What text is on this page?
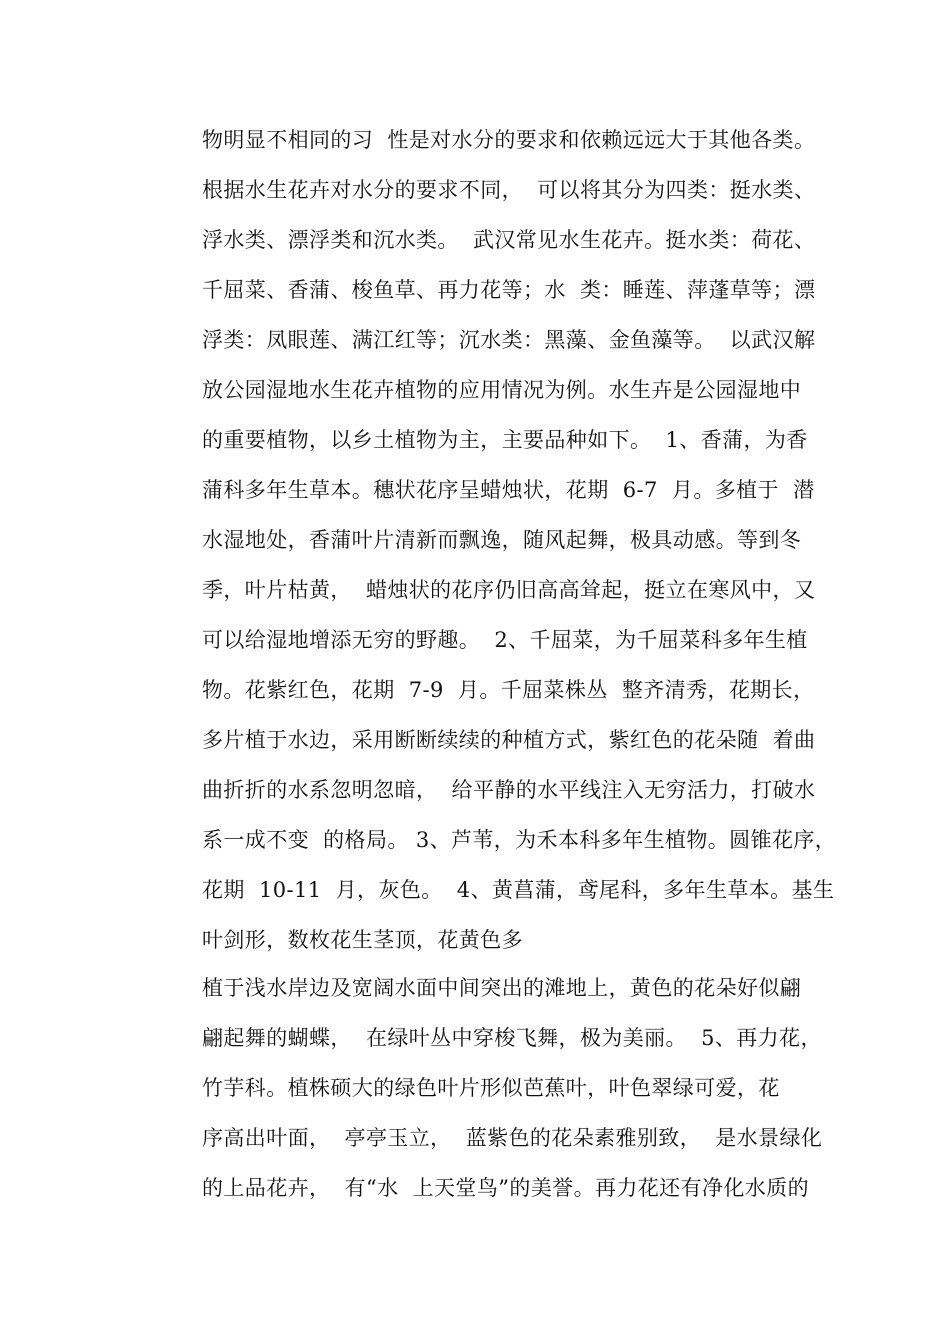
物明显不相同的习  性是对水分的要求和依赖远远大于其他各类。
根据水生花卉对水分的要求不同，  可以将其分为四类：挺水类、
浮水类、漂浮类和沉水类。  武汉常见水生花卉。挺水类：荷花、
千屈菜、香蒲、梭鱼草、再力花等；水  类：睡莲、萍蓬草等；漂
浮类：凤眼莲、满江红等；沉水类：黑藻、金鱼藻等。  以武汉解
放公园湿地水生花卉植物的应用情况为例。水生卉是公园湿地中
的重要植物，以乡土植物为主，主要品种如下。  1、香蒲，为香
蒲科多年生草本。穗状花序呈蜡烛状，花期  6-7  月。多植于  潜
水湿地处，香蒲叶片清新而飘逸，随风起舞，极具动感。等到冬
季，叶片枯黄，  蜡烛状的花序仍旧高高耸起，挺立在寒风中，又
可以给湿地增添无穷的野趣。  2、千屈菜，为千屈菜科多年生植
物。花紫红色，花期  7-9  月。千屈菜株丛  整齐清秀，花期长，
多片植于水边，采用断断续续的种植方式，紫红色的花朵随  着曲
曲折折的水系忽明忽暗，  给平静的水平线注入无穷活力，打破水
系一成不变  的格局。 3、芦苇，为禾本科多年生植物。圆锥花序，
花期  10-11  月，灰色。  4、黄菖蒲，鸢尾科，多年生草本。基生
叶剑形，数枚花生茎顶，花黄色多
植于浅水岸边及宽阔水面中间突出的滩地上，黄色的花朵好似翩
翩起舞的蝴蝶，  在绿叶丛中穿梭飞舞，极为美丽。  5、再力花，
竹芋科。植株硕大的绿色叶片形似芭蕉叶，叶色翠绿可爱，花
序高出叶面，  亭亭玉立，  蓝紫色的花朵素雅别致，  是水景绿化
的上品花卉，  有“水  上天堂鸟”的美誉。再力花还有净化水质的
